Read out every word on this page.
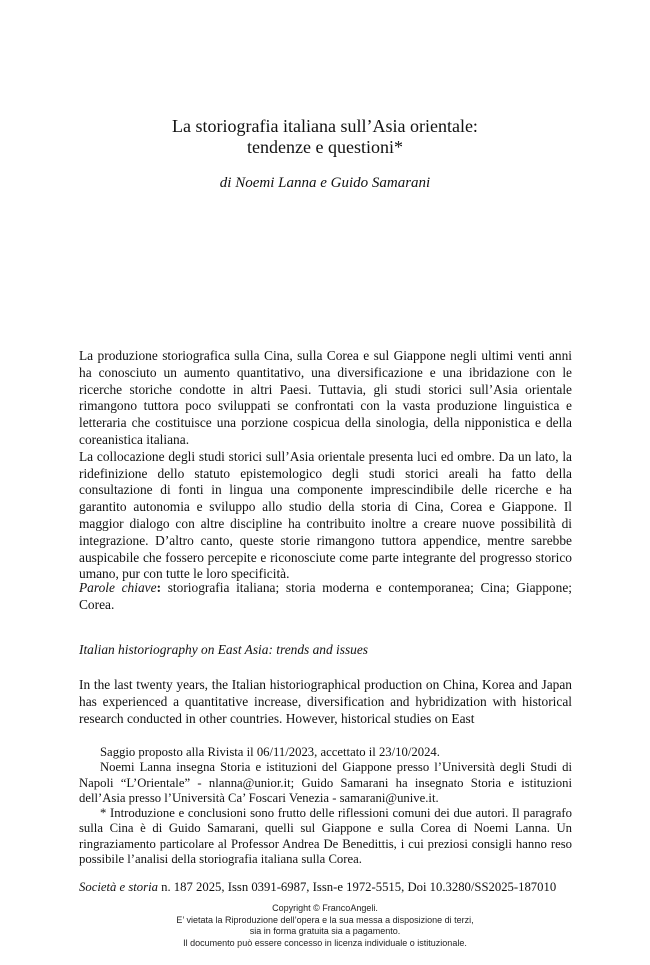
La storiografia italiana sull’Asia orientale:
tendenze e questioni*
di Noemi Lanna e Guido Samarani

La produzione storiografica sulla Cina, sulla Corea e sul Giappone negli ultimi venti anni ha conosciuto un aumento quantitativo, una diversificazione e una ibridazione con le ricerche storiche condotte in altri Paesi. Tuttavia, gli studi storici sull’Asia orientale rimangono tuttora poco sviluppati se confrontati con la vasta produzione linguistica e letteraria che costituisce una porzione cospicua della sinologia, della nipponistica e della coreanistica italiana.

La collocazione degli studi storici sull’Asia orientale presenta luci ed ombre. Da un lato, la ridefinizione dello statuto epistemologico degli studi storici areali ha fatto della consultazione di fonti in lingua una componente imprescindibile delle ricerche e ha garantito autonomia e sviluppo allo studio della storia di Cina, Corea e Giappone. Il maggior dialogo con altre discipline ha contribuito inoltre a creare nuove possibilità di integrazione. D’altro canto, queste storie rimangono tuttora appendice, mentre sarebbe auspicabile che fossero percepite e riconosciute come parte integrante del progresso storico umano, pur con tutte le loro specificità.

Parole chiave: storiografia italiana; storia moderna e contemporanea; Cina; Giappone; Corea.
Italian historiography on East Asia: trends and issues

In the last twenty years, the Italian historiographical production on China, Korea and Japan has experienced a quantitative increase, diversification and hybridization with historical research conducted in other countries. However, historical studies on East

Saggio proposto alla Rivista il 06/11/2023, accettato il 23/10/2024.

Noemi Lanna insegna Storia e istituzioni del Giappone presso l’Università degli Studi di Napoli “L’Orientale” - nlanna@unior.it; Guido Samarani ha insegnato Storia e istituzioni dell’Asia presso l’Università Ca’ Foscari Venezia - samarani@unive.it.

* Introduzione e conclusioni sono frutto delle riflessioni comuni dei due autori. Il paragrafo sulla Cina è di Guido Samarani, quelli sul Giappone e sulla Corea di Noemi Lanna. Un ringraziamento particolare al Professor Andrea De Benedittis, i cui preziosi consigli hanno reso possibile l’analisi della storiografia italiana sulla Corea.

Società e storia n. 187 2025, Issn 0391-6987, Issn-e 1972-5515, Doi 10.3280/SS2025-187010
Copyright © FrancoAngeli.
E’ vietata la Riproduzione dell’opera e la sua messa a disposizione di terzi,
sia in forma gratuita sia a pagamento.
Il documento può essere concesso in licenza individuale o istituzionale.
